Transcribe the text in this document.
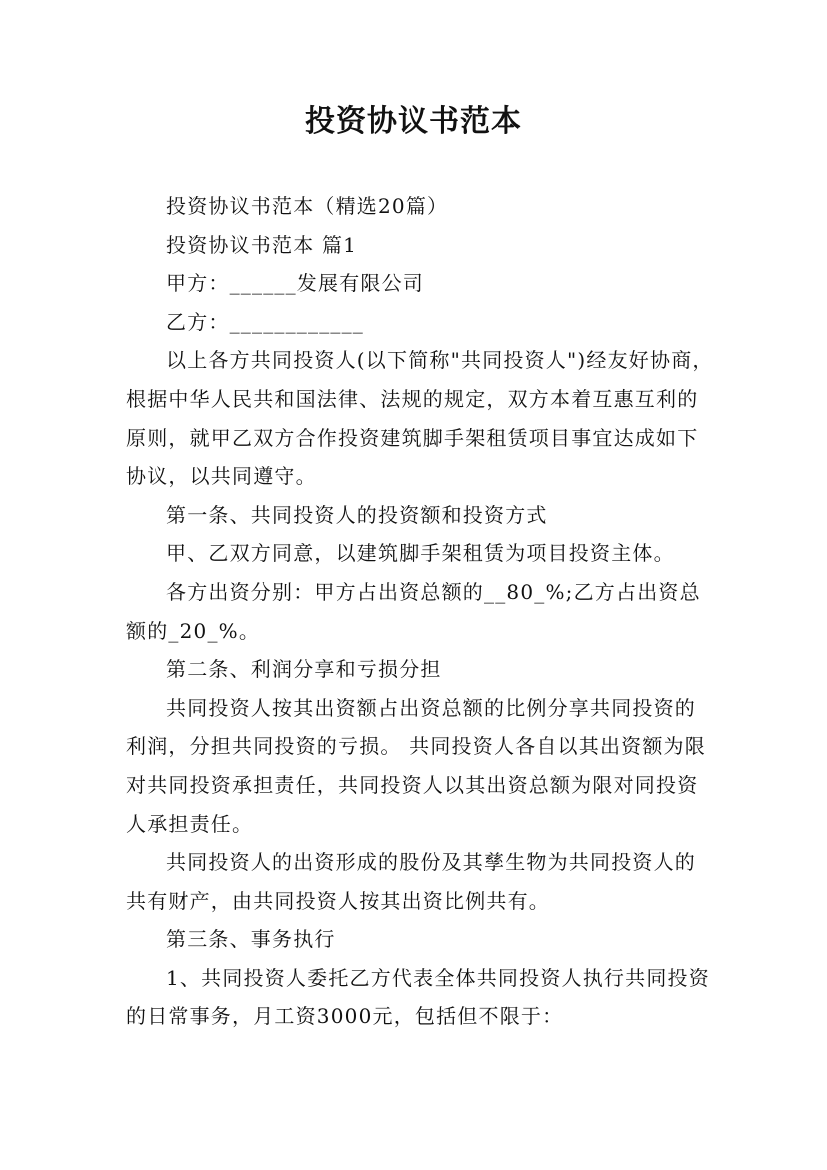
投资协议书范本

投资协议书范本（精选20篇）

投资协议书范本 篇1

甲方：______发展有限公司

乙方：____________

以上各方共同投资人(以下简称"共同投资人")经友好协商，根据中华人民共和国法律、法规的规定，双方本着互惠互利的原则，就甲乙双方合作投资建筑脚手架租赁项目事宜达成如下协议，以共同遵守。

第一条、共同投资人的投资额和投资方式

甲、乙双方同意，以建筑脚手架租赁为项目投资主体。

各方出资分别：甲方占出资总额的__80_%;乙方占出资总额的_20_%。

第二条、利润分享和亏损分担

共同投资人按其出资额占出资总额的比例分享共同投资的利润，分担共同投资的亏损。 共同投资人各自以其出资额为限对共同投资承担责任，共同投资人以其出资总额为限对同投资人承担责任。

共同投资人的出资形成的股份及其孳生物为共同投资人的共有财产，由共同投资人按其出资比例共有。

第三条、事务执行

1、共同投资人委托乙方代表全体共同投资人执行共同投资的日常事务，月工资3000元，包括但不限于：
